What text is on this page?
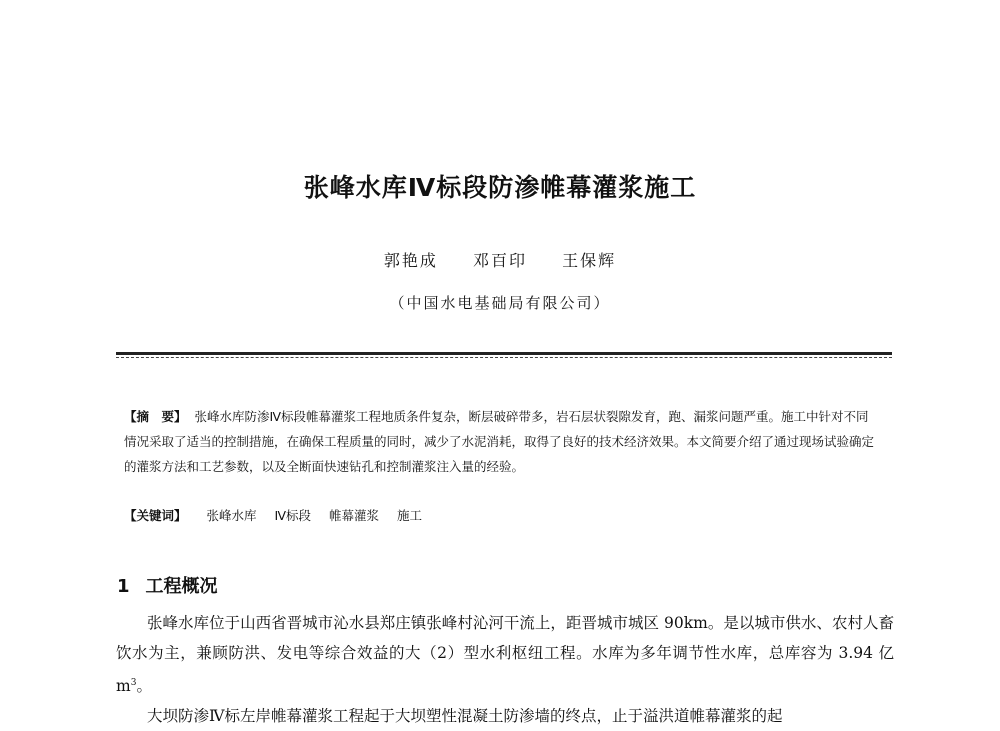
张峰水库Ⅳ标段防渗帷幕灌浆施工
郭艳成 邓百印 王保辉
（中国水电基础局有限公司）
【摘　要】 张峰水库防渗Ⅳ标段帷幕灌浆工程地质条件复杂，断层破碎带多，岩石层状裂隙发育，跑、漏浆问题严重。施工中针对不同情况采取了适当的控制措施，在确保工程质量的同时，减少了水泥消耗，取得了良好的技术经济效果。本文简要介绍了通过现场试验确定的灌浆方法和工艺参数，以及全断面快速钻孔和控制灌浆注入量的经验。
【关键词】 张峰水库 Ⅳ标段 帷幕灌浆 施工
1 工程概况

张峰水库位于山西省晋城市沁水县郑庄镇张峰村沁河干流上，距晋城市城区 90km。是以城市供水、农村人畜饮水为主，兼顾防洪、发电等综合效益的大（2）型水利枢纽工程。水库为多年调节性水库，总库容为 3.94 亿 $m^3$。

大坝防渗Ⅳ标左岸帷幕灌浆工程起于大坝塑性混凝土防渗墙的终点，止于溢洪道帷幕灌浆的起
